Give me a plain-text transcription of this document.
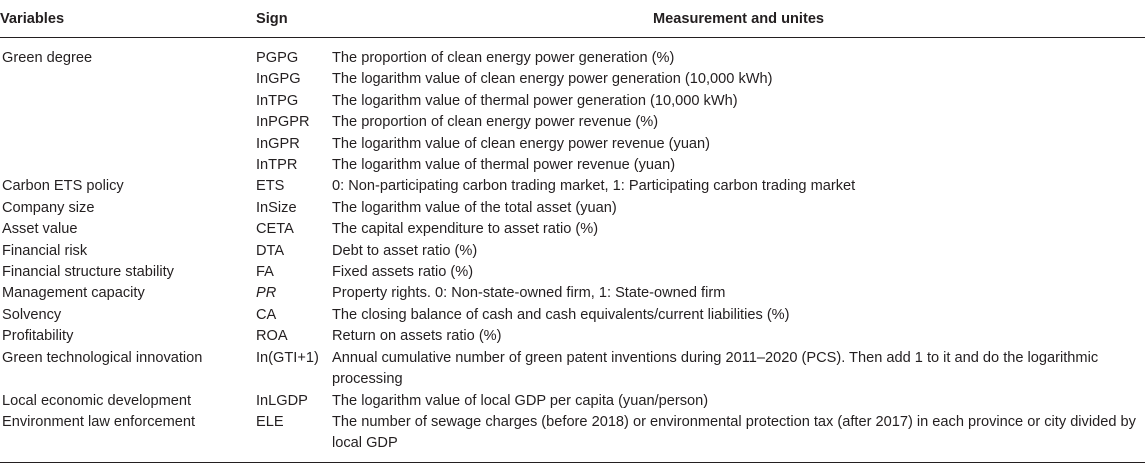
Variables	Sign	Measurement and unites
Green degree	PGPG	The proportion of clean energy power generation (%)
	InGPG	The logarithm value of clean energy power generation (10,000 kWh)
	InTPG	The logarithm value of thermal power generation (10,000 kWh)
	InPGPR	The proportion of clean energy power revenue (%)
	InGPR	The logarithm value of clean energy power revenue (yuan)
	InTPR	The logarithm value of thermal power revenue (yuan)
Carbon ETS policy	ETS	0: Non-participating carbon trading market, 1: Participating carbon trading market
Company size	InSize	The logarithm value of the total asset (yuan)
Asset value	CETA	The capital expenditure to asset ratio (%)
Financial risk	DTA	Debt to asset ratio (%)
Financial structure stability	FA	Fixed assets ratio (%)
Management capacity	PR	Property rights. 0: Non-state-owned firm, 1: State-owned firm
Solvency	CA	The closing balance of cash and cash equivalents/current liabilities (%)
Profitability	ROA	Return on assets ratio (%)
Green technological innovation	In(GTI+1)	Annual cumulative number of green patent inventions during 2011–2020 (PCS). Then add 1 to it and do the logarithmic processing
Local economic development	InLGDP	The logarithm value of local GDP per capita (yuan/person)
Environment law enforcement	ELE	The number of sewage charges (before 2018) or environmental protection tax (after 2017) in each province or city divided by local GDP
